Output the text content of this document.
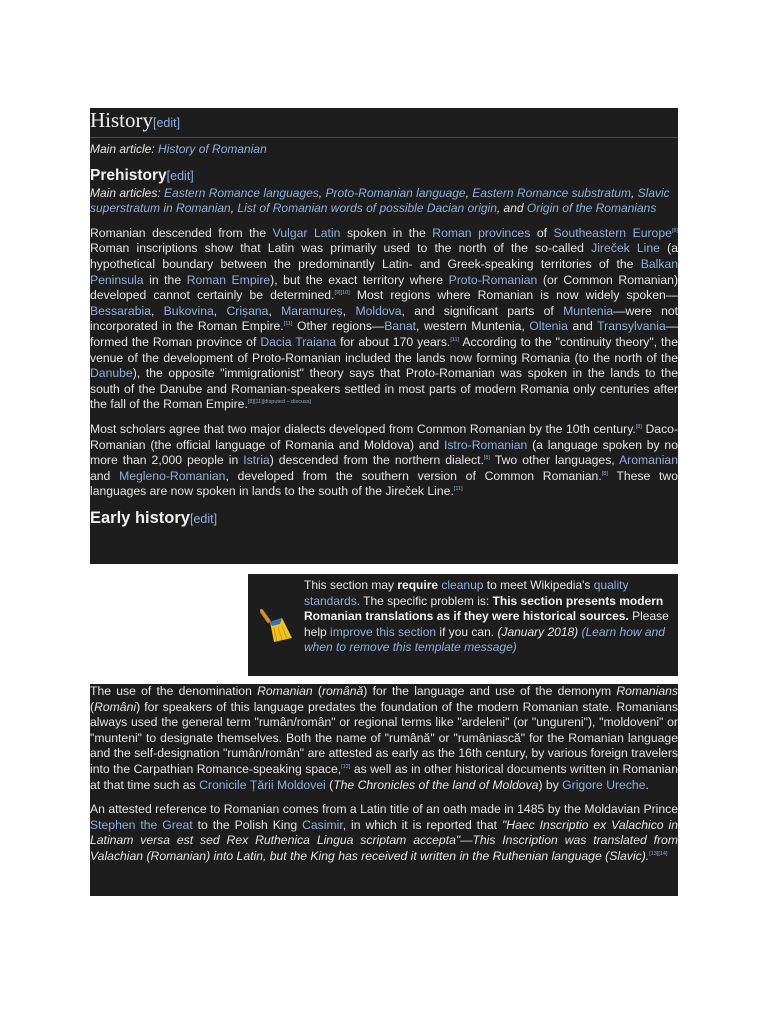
History[edit]

Main article: History of Romanian

Prehistory[edit]

Main articles: Eastern Romance languages, Proto-Romanian language, Eastern Romance substratum, Slavic superstratum in Romanian, List of Romanian words of possible Dacian origin, and Origin of the Romanians

Romanian descended from the Vulgar Latin spoken in the Roman provinces of Southeastern Europe[8] Roman inscriptions show that Latin was primarily used to the north of the so-called Jireček Line (a hypothetical boundary between the predominantly Latin- and Greek-speaking territories of the Balkan Peninsula in the Roman Empire), but the exact territory where Proto-Romanian (or Common Romanian) developed cannot certainly be determined.[9][10] Most regions where Romanian is now widely spoken—Bessarabia, Bukovina, Crișana, Maramureș, Moldova, and significant parts of Muntenia—were not incorporated in the Roman Empire.[11] Other regions—Banat, western Muntenia, Oltenia and Transylvania—formed the Roman province of Dacia Traiana for about 170 years.[11] According to the "continuity theory", the venue of the development of Proto-Romanian included the lands now forming Romania (to the north of the Danube), the opposite "immigrationist" theory says that Proto-Romanian was spoken in the lands to the south of the Danube and Romanian-speakers settled in most parts of modern Romania only centuries after the fall of the Roman Empire.[8][11][disputed – discuss]

Most scholars agree that two major dialects developed from Common Romanian by the 10th century.[8] Daco-Romanian (the official language of Romania and Moldova) and Istro-Romanian (a language spoken by no more than 2,000 people in Istria) descended from the northern dialect.[8] Two other languages, Aromanian and Megleno-Romanian, developed from the southern version of Common Romanian.[8] These two languages are now spoken in lands to the south of the Jireček Line.[11]

Early history[edit]
This section may require cleanup to meet Wikipedia's quality standards. The specific problem is: This section presents modern Romanian translations as if they were historical sources. Please help improve this section if you can. (January 2018) (Learn how and when to remove this template message)

The use of the denomination Romanian (română) for the language and use of the demonym Romanians (Români) for speakers of this language predates the foundation of the modern Romanian state. Romanians always used the general term "rumân/român" or regional terms like "ardeleni" (or "ungureni"), "moldoveni" or "munteni" to designate themselves. Both the name of "rumână" or "rumâniască" for the Romanian language and the self-designation "rumân/român" are attested as early as the 16th century, by various foreign travelers into the Carpathian Romance-speaking space,[12] as well as in other historical documents written in Romanian at that time such as Cronicile Țării Moldovei (The Chronicles of the land of Moldova) by Grigore Ureche.

An attested reference to Romanian comes from a Latin title of an oath made in 1485 by the Moldavian Prince Stephen the Great to the Polish King Casimir, in which it is reported that "Haec Inscriptio ex Valachico in Latinam versa est sed Rex Ruthenica Lingua scriptam accepta"—This Inscription was translated from Valachian (Romanian) into Latin, but the King has received it written in the Ruthenian language (Slavic).[13][14]
